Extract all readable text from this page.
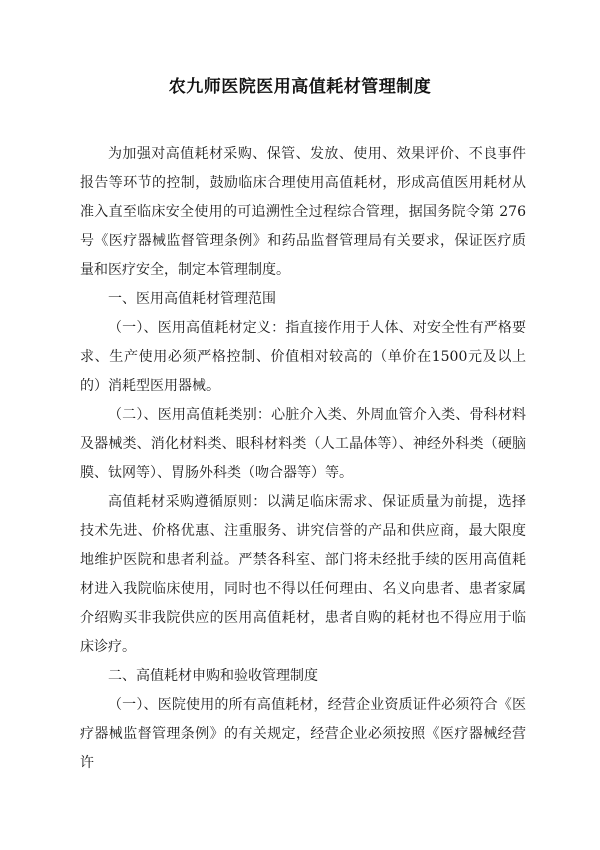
农九师医院医用高值耗材管理制度

为加强对高值耗材采购、保管、发放、使用、效果评价、不良事件报告等环节的控制，鼓励临床合理使用高值耗材，形成高值医用耗材从准入直至临床安全使用的可追溯性全过程综合管理，据国务院令第 276 号《医疗器械监督管理条例》和药品监督管理局有关要求，保证医疗质量和医疗安全，制定本管理制度。

一、医用高值耗材管理范围

（一）、医用高值耗材定义：指直接作用于人体、对安全性有严格要求、生产使用必须严格控制、价值相对较高的（单价在1500元及以上的）消耗型医用器械。

（二）、医用高值耗类别：心脏介入类、外周血管介入类、骨科材料及器械类、消化材料类、眼科材料类（人工晶体等）、神经外科类（硬脑膜、钛网等）、胃肠外科类（吻合器等）等。

高值耗材采购遵循原则：以满足临床需求、保证质量为前提，选择技术先进、价格优惠、注重服务、讲究信誉的产品和供应商，最大限度地维护医院和患者利益。严禁各科室、部门将未经批手续的医用高值耗材进入我院临床使用，同时也不得以任何理由、名义向患者、患者家属介绍购买非我院供应的医用高值耗材，患者自购的耗材也不得应用于临床诊疗。

二、高值耗材申购和验收管理制度

（一）、医院使用的所有高值耗材，经营企业资质证件必须符合《医疗器械监督管理条例》的有关规定，经营企业必须按照《医疗器械经营许
